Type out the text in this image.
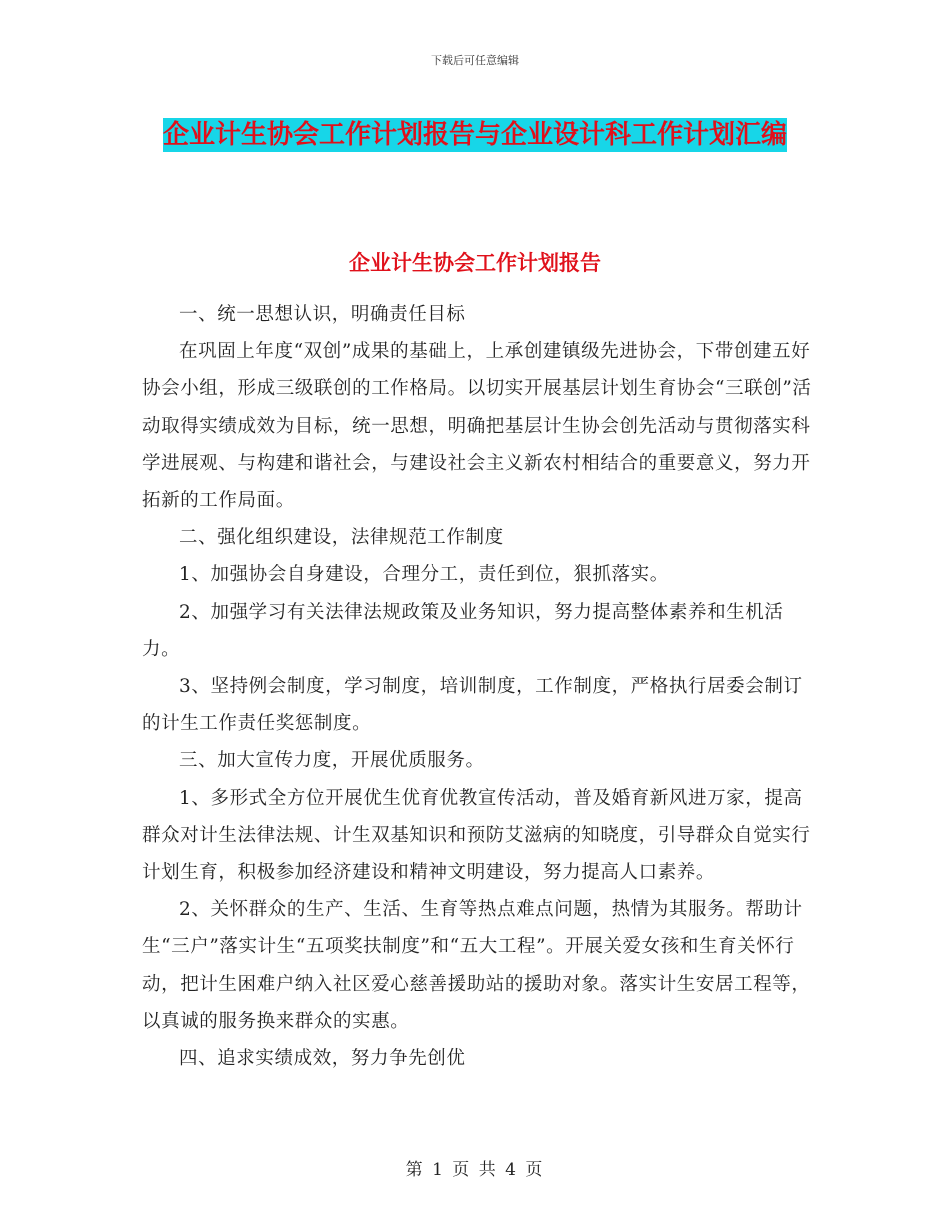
下载后可任意编辑
企业计生协会工作计划报告与企业设计科工作计划汇编
企业计生协会工作计划报告

一、统一思想认识，明确责任目标

在巩固上年度“双创”成果的基础上，上承创建镇级先进协会，下带创建五好协会小组，形成三级联创的工作格局。以切实开展基层计划生育协会“三联创”活动取得实绩成效为目标，统一思想，明确把基层计生协会创先活动与贯彻落实科学进展观、与构建和谐社会，与建设社会主义新农村相结合的重要意义，努力开拓新的工作局面。

二、强化组织建设，法律规范工作制度

1、加强协会自身建设，合理分工，责任到位，狠抓落实。

2、加强学习有关法律法规政策及业务知识，努力提高整体素养和生机活力。

3、坚持例会制度，学习制度，培训制度，工作制度，严格执行居委会制订的计生工作责任奖惩制度。

三、加大宣传力度，开展优质服务。

1、多形式全方位开展优生优育优教宣传活动，普及婚育新风进万家，提高群众对计生法律法规、计生双基知识和预防艾滋病的知晓度，引导群众自觉实行计划生育，积极参加经济建设和精神文明建设，努力提高人口素养。

2、关怀群众的生产、生活、生育等热点难点问题，热情为其服务。帮助计生“三户”落实计生“五项奖扶制度”和“五大工程”。开展关爱女孩和生育关怀行动，把计生困难户纳入社区爱心慈善援助站的援助对象。落实计生安居工程等，以真诚的服务换来群众的实惠。

四、追求实绩成效，努力争先创优

第 1 页 共 4 页
